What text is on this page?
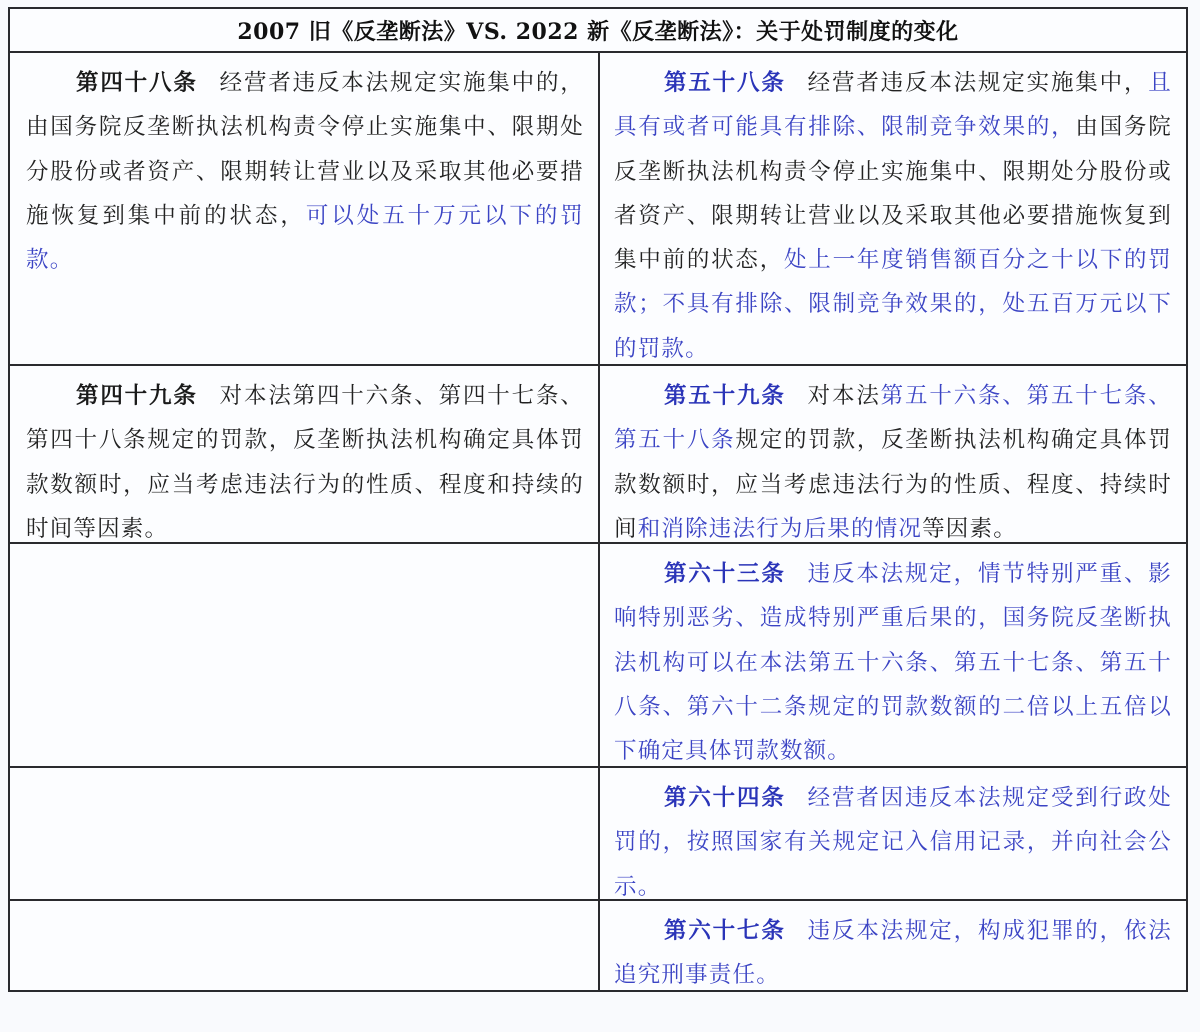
2007 旧《反垄断法》VS. 2022 新《反垄断法》：关于处罚制度的变化
第四十八条 经营者违反本法规定实施集中的，由国务院反垄断执法机构责令停止实施集中、限期处分股份或者资产、限期转让营业以及采取其他必要措施恢复到集中前的状态，可以处五十万元以下的罚款。
第五十八条 经营者违反本法规定实施集中，且具有或者可能具有排除、限制竞争效果的，由国务院反垄断执法机构责令停止实施集中、限期处分股份或者资产、限期转让营业以及采取其他必要措施恢复到集中前的状态，处上一年度销售额百分之十以下的罚款；不具有排除、限制竞争效果的，处五百万元以下的罚款。
第四十九条 对本法第四十六条、第四十七条、第四十八条规定的罚款，反垄断执法机构确定具体罚款数额时，应当考虑违法行为的性质、程度和持续的时间等因素。
第五十九条 对本法第五十六条、第五十七条、第五十八条规定的罚款，反垄断执法机构确定具体罚款数额时，应当考虑违法行为的性质、程度、持续时间和消除违法行为后果的情况等因素。
第六十三条 违反本法规定，情节特别严重、影响特别恶劣、造成特别严重后果的，国务院反垄断执法机构可以在本法第五十六条、第五十七条、第五十八条、第六十二条规定的罚款数额的二倍以上五倍以下确定具体罚款数额。
第六十四条 经营者因违反本法规定受到行政处罚的，按照国家有关规定记入信用记录，并向社会公示。
第六十七条 违反本法规定，构成犯罪的，依法追究刑事责任。
